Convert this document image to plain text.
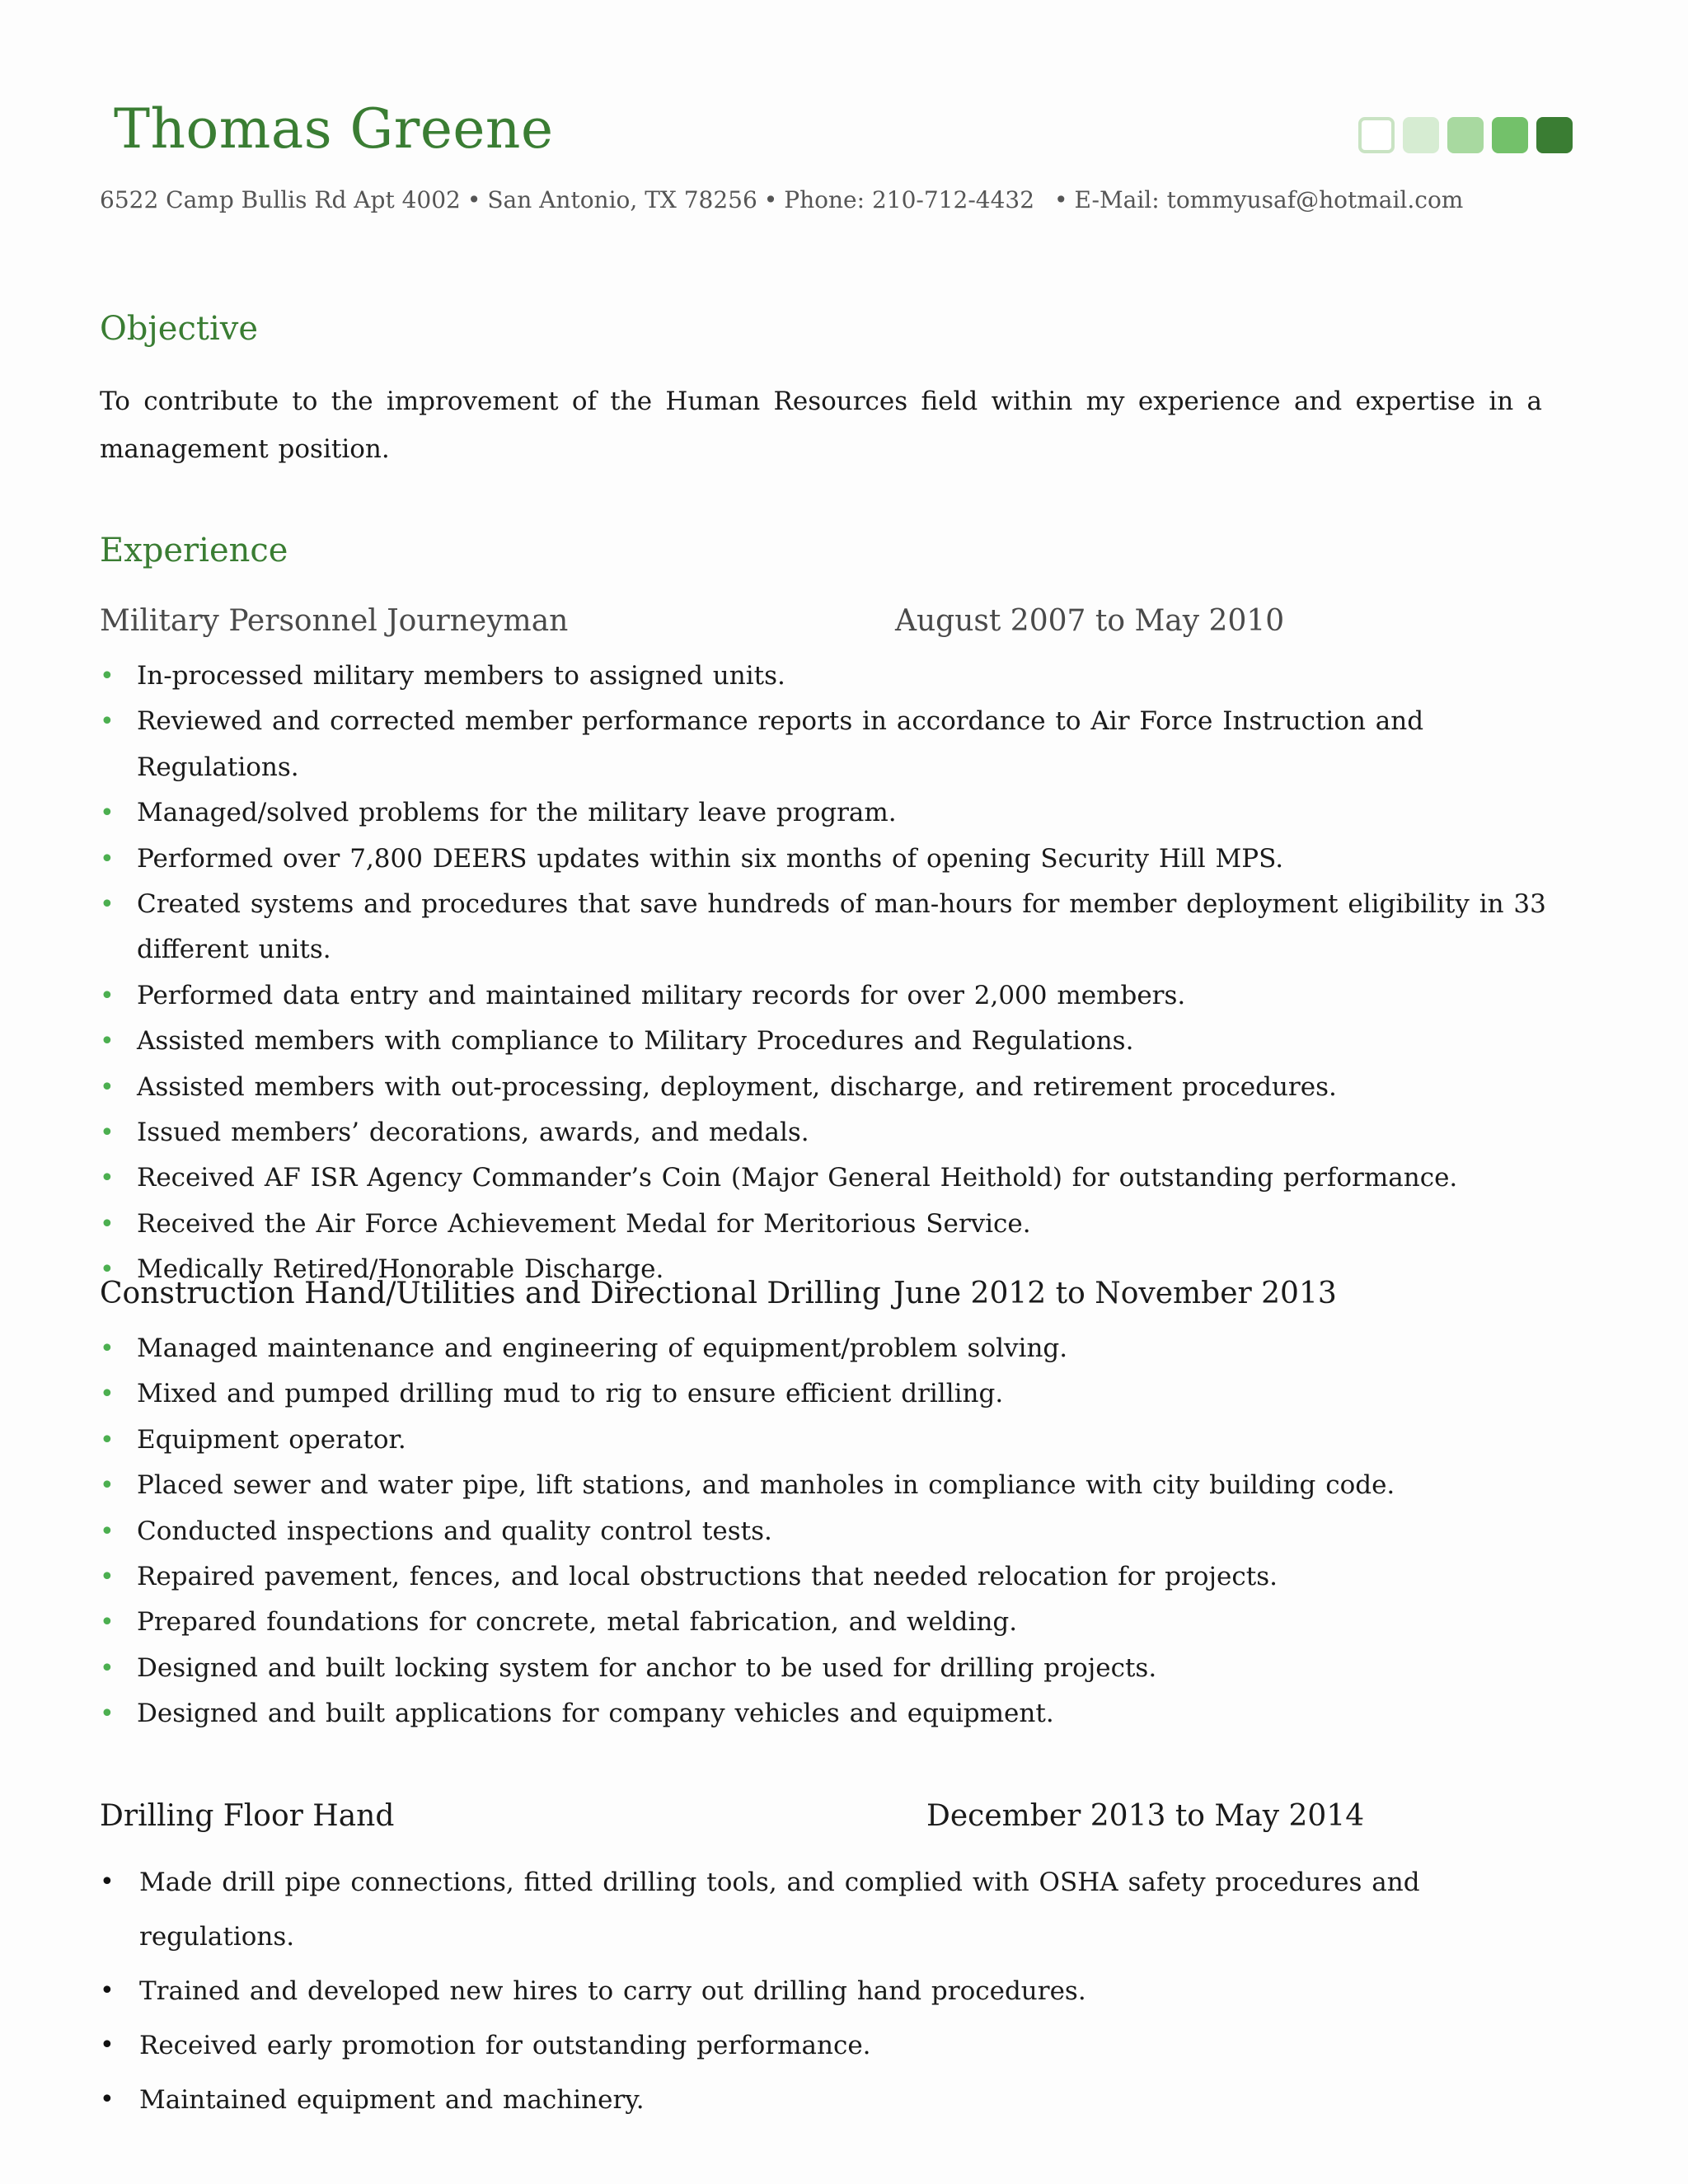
Thomas Greene
6522 Camp Bullis Rd Apt 4002 • San Antonio, TX 78256 • Phone: 210-712-4432 • E-Mail: tommyusaf@hotmail.com
Objective
To contribute to the improvement of the Human Resources field within my experience and expertise in a management position.
Experience
Military Personnel Journeyman	August 2007 to May 2010
• In-processed military members to assigned units.
• Reviewed and corrected member performance reports in accordance to Air Force Instruction and Regulations.
• Managed/solved problems for the military leave program.
• Performed over 7,800 DEERS updates within six months of opening Security Hill MPS.
• Created systems and procedures that save hundreds of man-hours for member deployment eligibility in 33 different units.
• Performed data entry and maintained military records for over 2,000 members.
• Assisted members with compliance to Military Procedures and Regulations.
• Assisted members with out-processing, deployment, discharge, and retirement procedures.
• Issued members’ decorations, awards, and medals.
• Received AF ISR Agency Commander’s Coin (Major General Heithold) for outstanding performance.
• Received the Air Force Achievement Medal for Meritorious Service.
• Medically Retired/Honorable Discharge.
Construction Hand/Utilities and Directional Drilling June 2012 to November 2013
• Managed maintenance and engineering of equipment/problem solving.
• Mixed and pumped drilling mud to rig to ensure efficient drilling.
• Equipment operator.
• Placed sewer and water pipe, lift stations, and manholes in compliance with city building code.
• Conducted inspections and quality control tests.
• Repaired pavement, fences, and local obstructions that needed relocation for projects.
• Prepared foundations for concrete, metal fabrication, and welding.
• Designed and built locking system for anchor to be used for drilling projects.
• Designed and built applications for company vehicles and equipment.
Drilling Floor Hand	December 2013 to May 2014
• Made drill pipe connections, fitted drilling tools, and complied with OSHA safety procedures and regulations.
• Trained and developed new hires to carry out drilling hand procedures.
• Received early promotion for outstanding performance.
• Maintained equipment and machinery.
